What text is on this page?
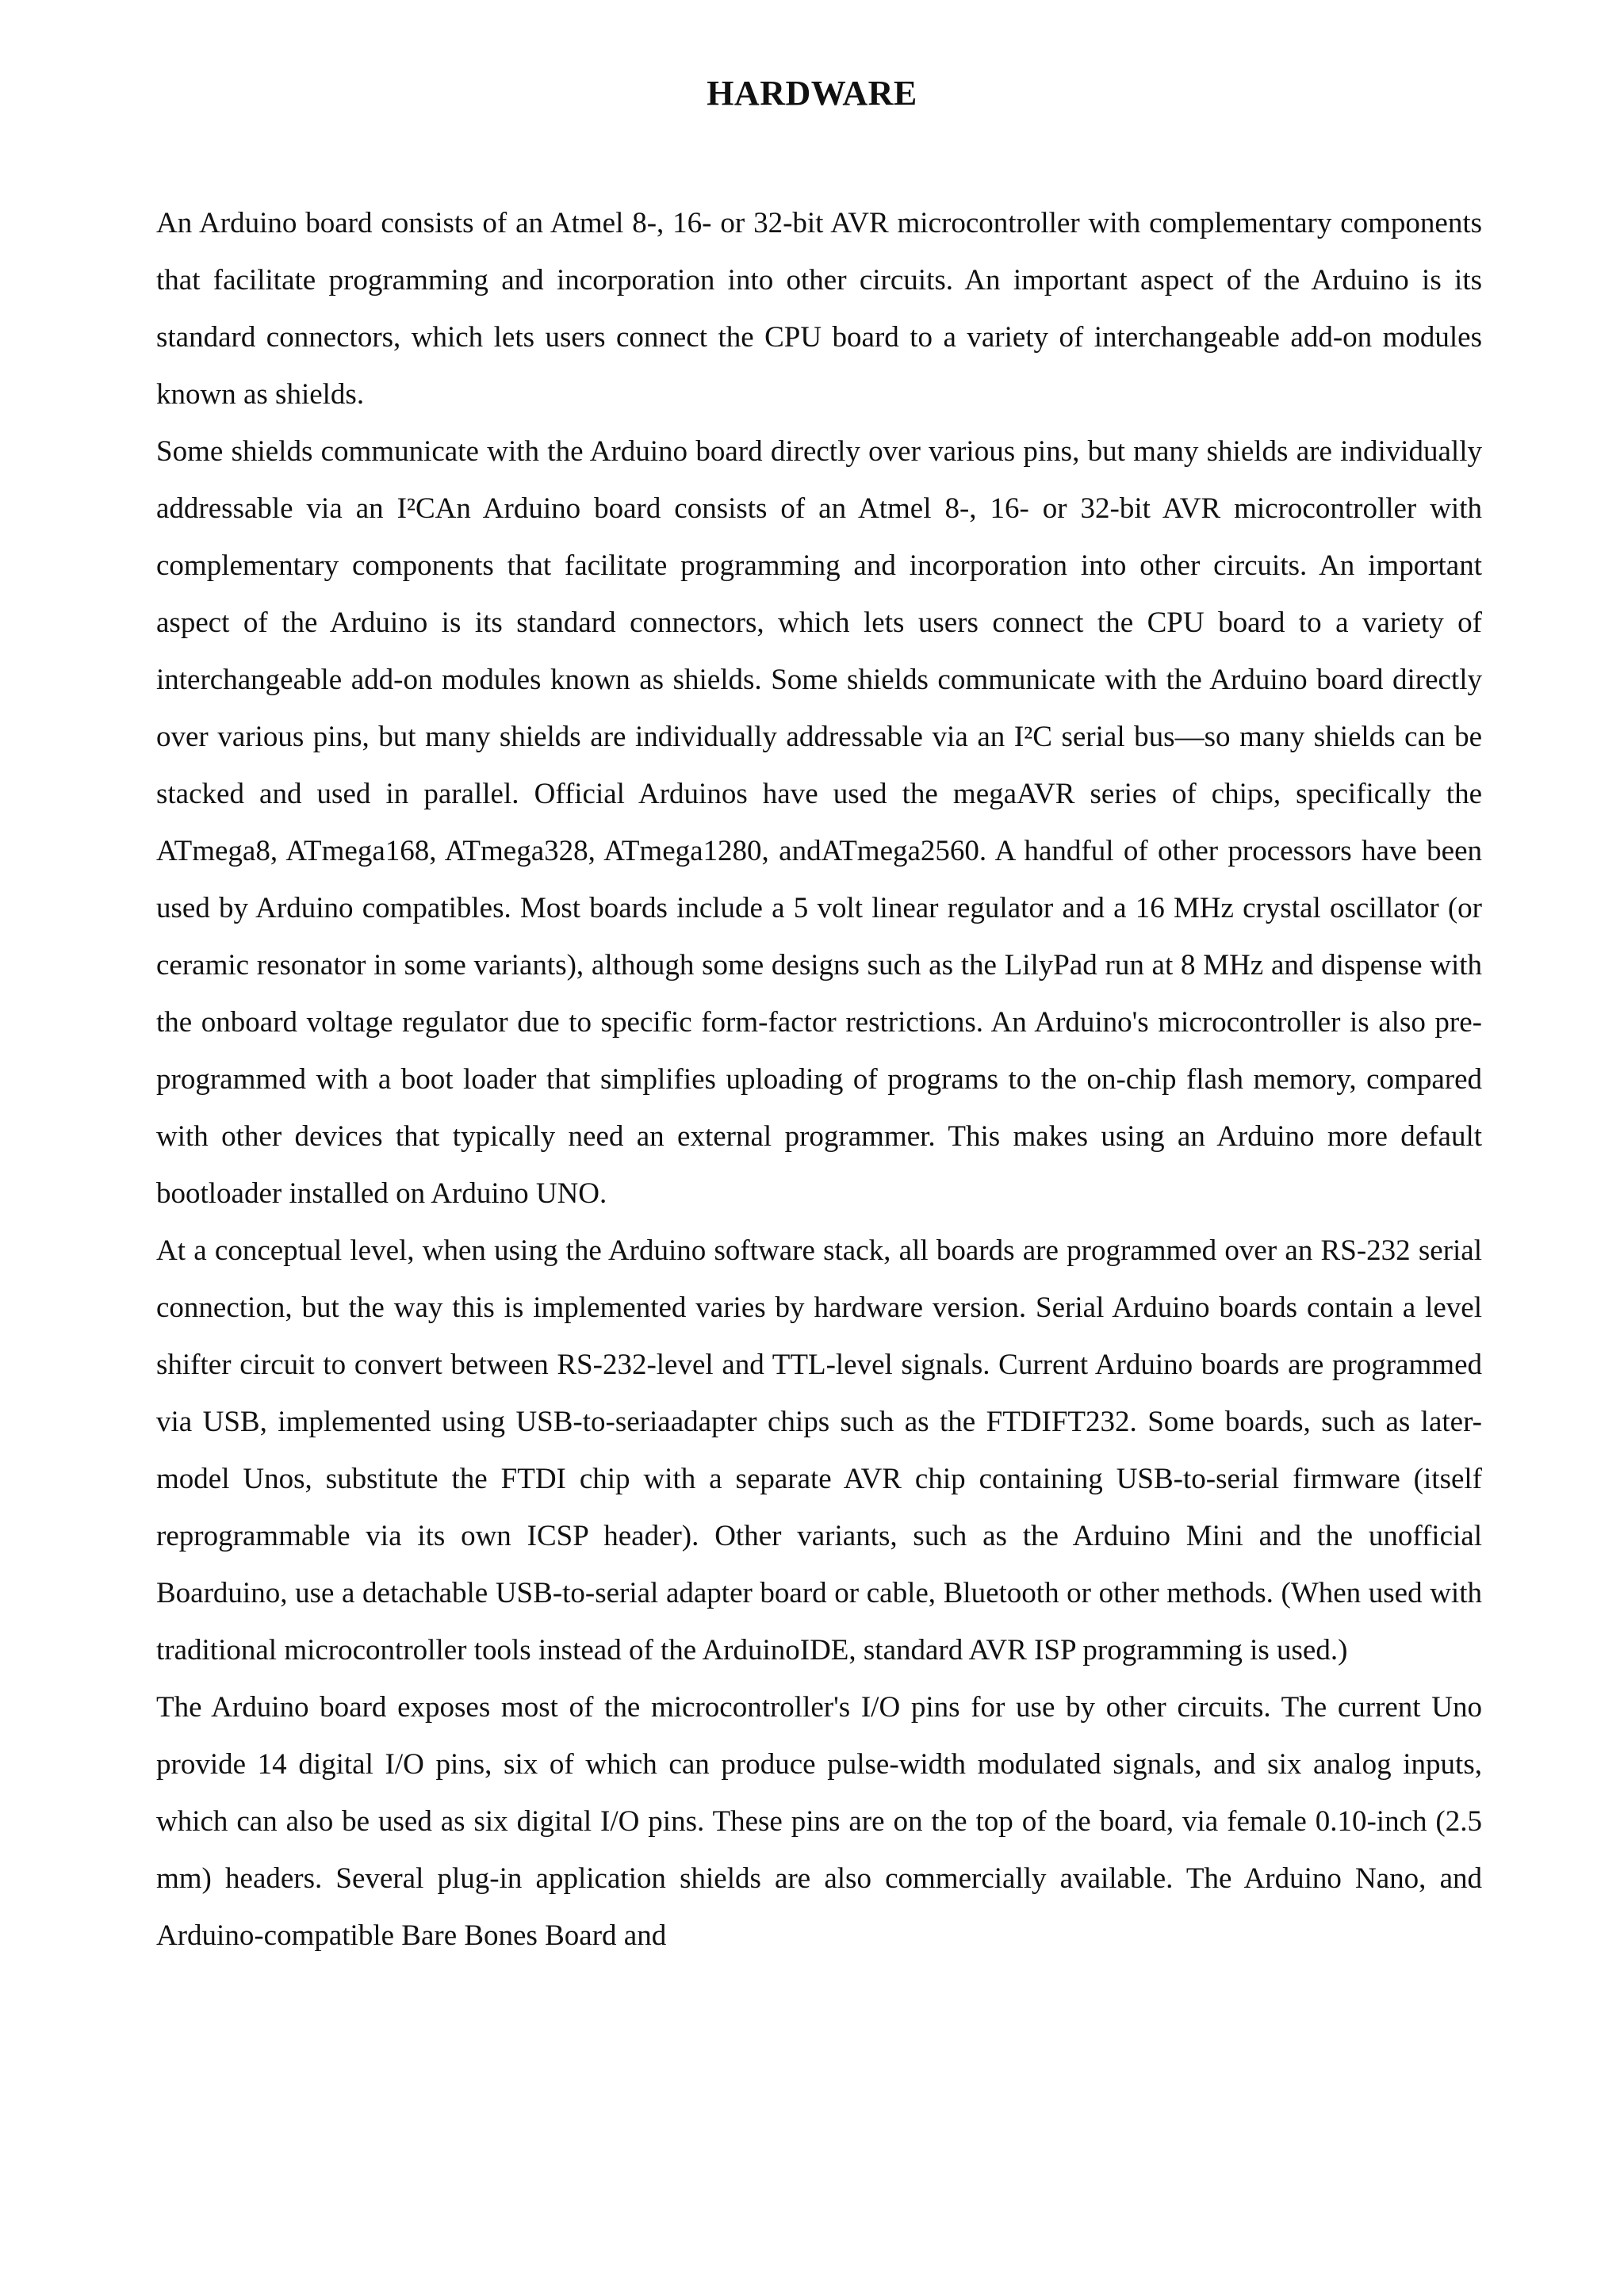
HARDWARE

An Arduino board consists of an Atmel 8-, 16- or 32-bit AVR microcontroller with complementary components that facilitate programming and incorporation into other circuits. An important aspect of the Arduino is its standard connectors, which lets users connect the CPU board to a variety of interchangeable add-on modules known as shields.

Some shields communicate with the Arduino board directly over various pins, but many shields are individually addressable via an I²CAn Arduino board consists of an Atmel 8-, 16- or 32-bit AVR microcontroller with complementary components that facilitate programming and incorporation into other circuits. An important aspect of the Arduino is its standard connectors, which lets users connect the CPU board to a variety of interchangeable add-on modules known as shields. Some shields communicate with the Arduino board directly over various pins, but many shields are individually addressable via an I²C serial bus—so many shields can be stacked and used in parallel. Official Arduinos have used the megaAVR series of chips, specifically the ATmega8, ATmega168, ATmega328, ATmega1280, andATmega2560. A handful of other processors have been used by Arduino compatibles. Most boards include a 5 volt linear regulator and a 16 MHz crystal oscillator (or ceramic resonator in some variants), although some designs such as the LilyPad run at 8 MHz and dispense with the onboard voltage regulator due to specific form-factor restrictions. An Arduino's microcontroller is also pre-programmed with a boot loader that simplifies uploading of programs to the on-chip flash memory, compared with other devices that typically need an external programmer. This makes using an Arduino more default bootloader installed on Arduino UNO.

At a conceptual level, when using the Arduino software stack, all boards are programmed over an RS-232 serial connection, but the way this is implemented varies by hardware version. Serial Arduino boards contain a level shifter circuit to convert between RS-232-level and TTL-level signals. Current Arduino boards are programmed via USB, implemented using USB-to-seriaadapter chips such as the FTDIFT232. Some boards, such as later-model Unos, substitute the FTDI chip with a separate AVR chip containing USB-to-serial firmware (itself reprogrammable via its own ICSP header). Other variants, such as the Arduino Mini and the unofficial Boarduino, use a detachable USB-to-serial adapter board or cable, Bluetooth or other methods. (When used with traditional microcontroller tools instead of the ArduinoIDE, standard AVR ISP programming is used.)

The Arduino board exposes most of the microcontroller's I/O pins for use by other circuits. The current Uno provide 14 digital I/O pins, six of which can produce pulse-width modulated signals, and six analog inputs, which can also be used as six digital I/O pins. These pins are on the top of the board, via female 0.10-inch (2.5 mm) headers. Several plug-in application shields are also commercially available. The Arduino Nano, and Arduino-compatible Bare Bones Board and
